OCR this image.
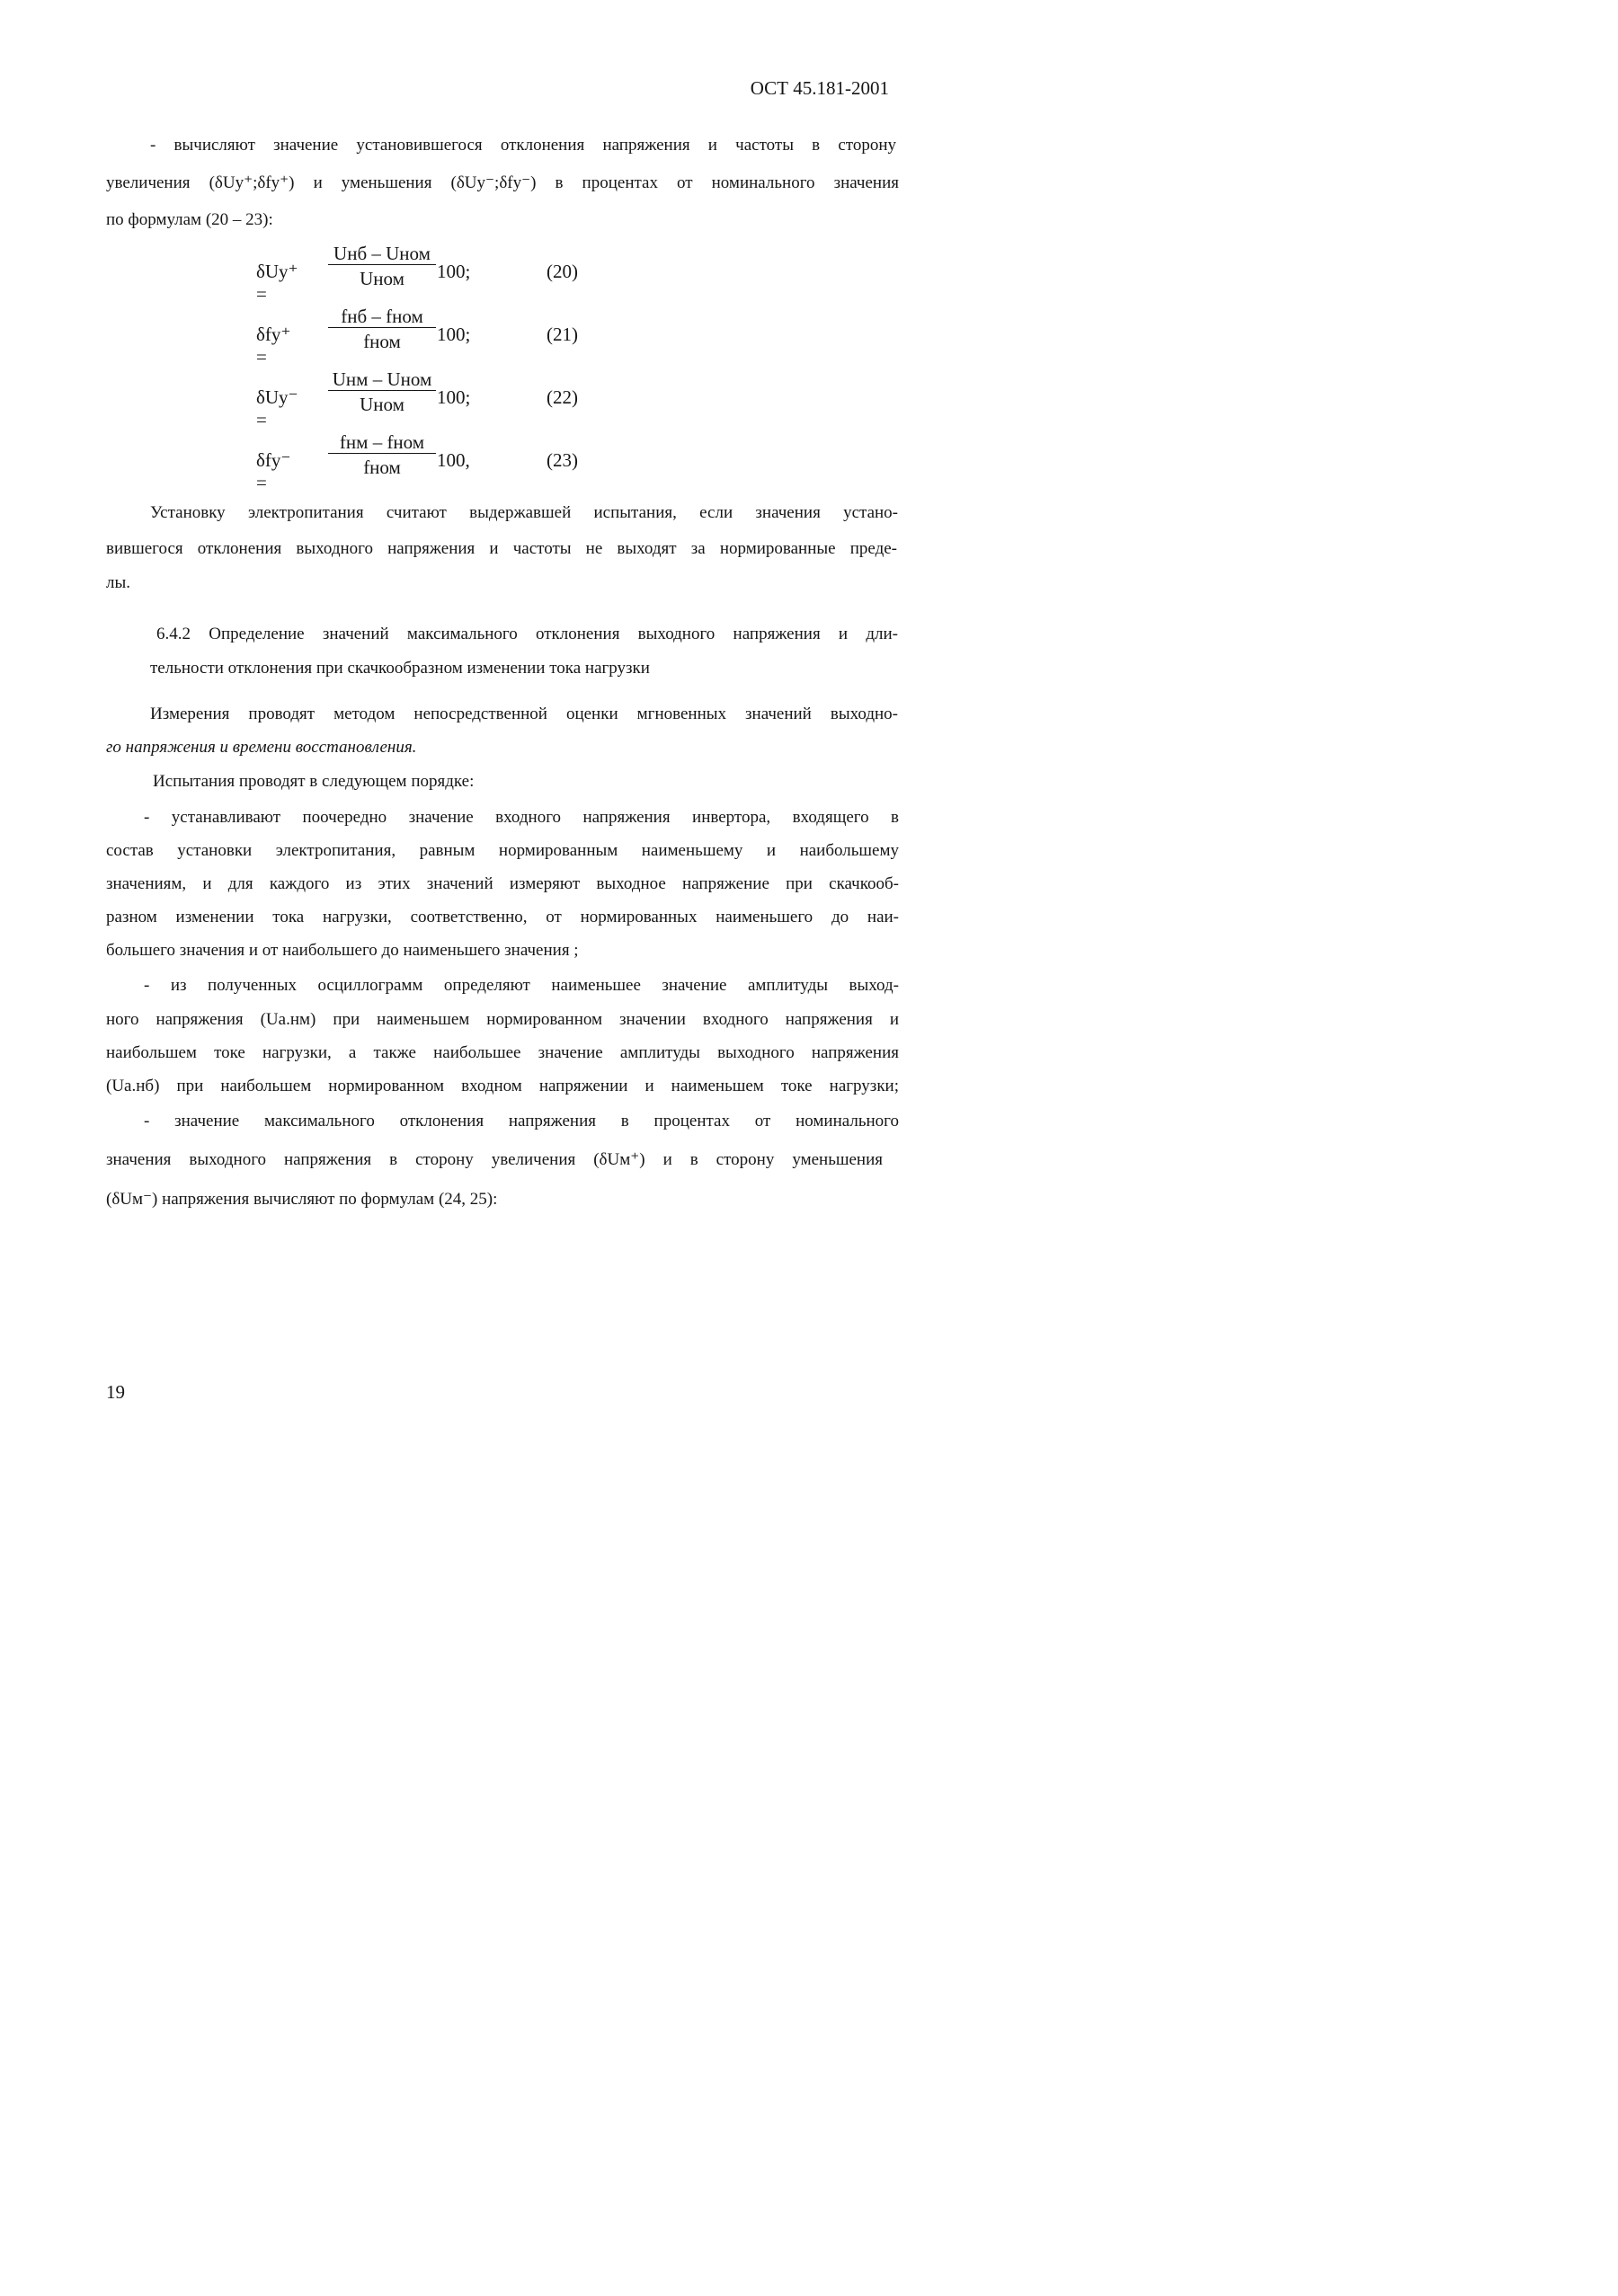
ОСТ 45.181-2001
- вычисляют значение установившегося отклонения напряжения и частоты в сторону
увеличения (δUy⁺;δfy⁺) и уменьшения (δUy⁻;δfy⁻) в процентах от номинального значения
по формулам (20 – 23):
δUy⁺ =
Uнб – Uном
Uном	100;	(20)
δfy⁺ =
fнб – fном
fном	100;	(21)
δUy⁻ =
Uнм – Uном
Uном	100;	(22)
δfy⁻ =
fнм – fном
fном	100,	(23)
Установку электропитания считают выдержавшей испытания, если значения устано-
вившегося отклонения выходного напряжения и частоты не выходят за нормированные преде-
лы.
6.4.2 Определение значений максимального отклонения выходного напряжения и дли-
тельности отклонения при скачкообразном изменении тока нагрузки
Измерения проводят методом непосредственной оценки мгновенных значений выходно-
го напряжения и времени восстановления.
Испытания проводят в следующем порядке:
- устанавливают поочередно значение входного напряжения инвертора, входящего в
состав установки электропитания, равным нормированным наименьшему и наибольшему
значениям, и для каждого из этих значений измеряют выходное напряжение при скачкооб-
разном изменении тока нагрузки, соответственно, от нормированных наименьшего до наи-
большего значения и от наибольшего до наименьшего значения ;
- из полученных осциллограмм определяют наименьшее значение амплитуды выход-
ного напряжения (Ua.нм) при наименьшем нормированном значении входного напряжения и
наибольшем токе нагрузки, а также наибольшее значение амплитуды выходного напряжения
(Ua.нб) при наибольшем нормированном входном напряжении и наименьшем токе нагрузки;
- значение максимального отклонения напряжения в процентах от номинального
значения выходного напряжения в сторону увеличения (δUм⁺) и в сторону уменьшения
(δUм⁻) напряжения вычисляют по формулам (24, 25):
19
